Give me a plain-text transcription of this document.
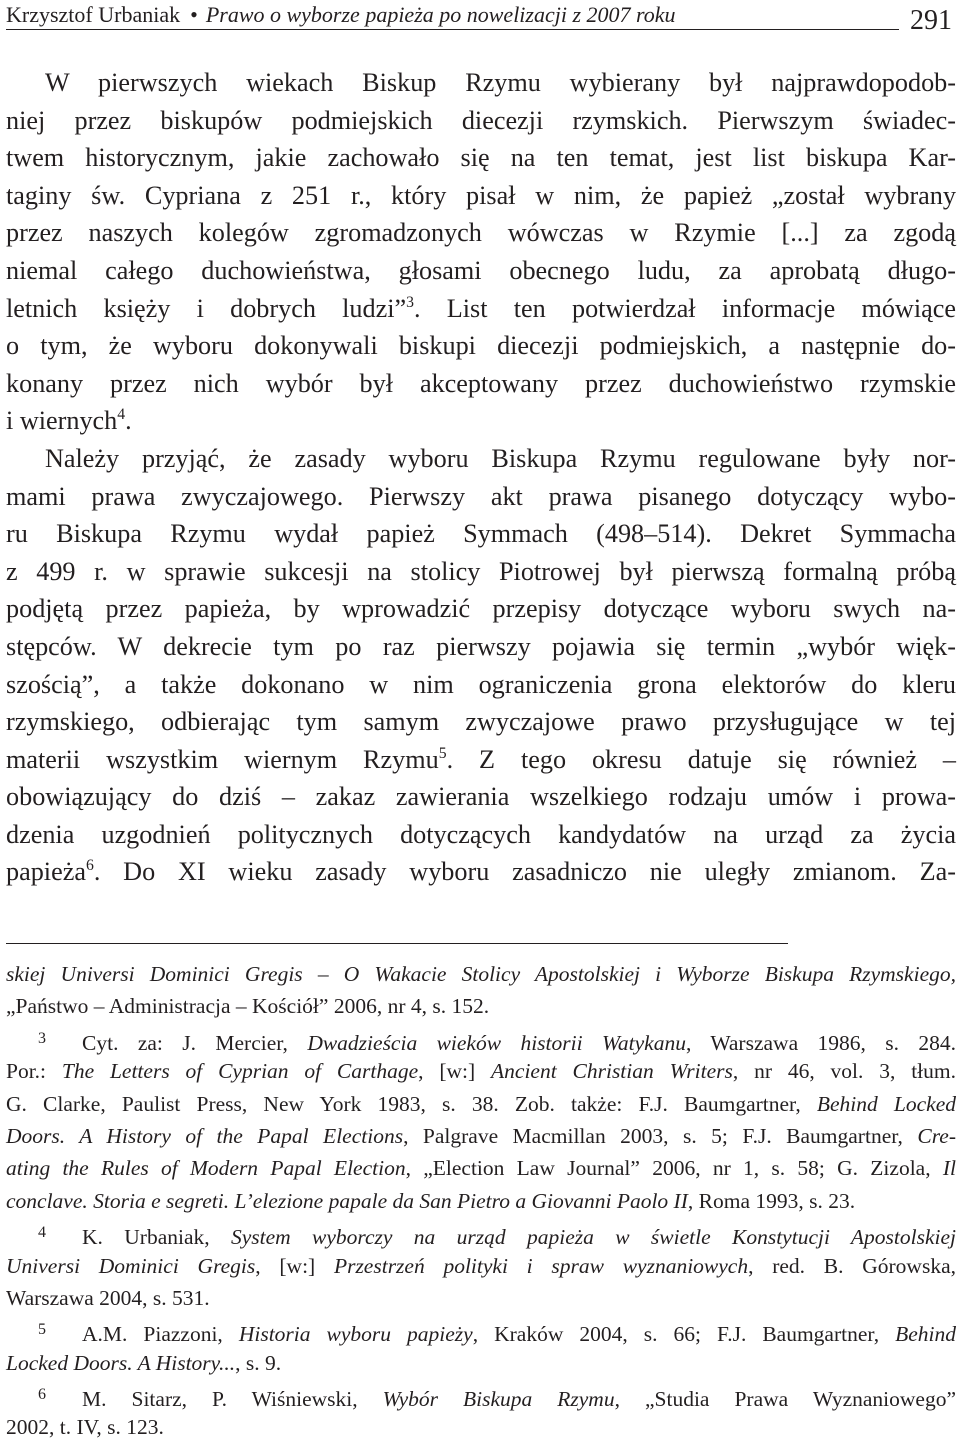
Krzysztof Urbaniak • Prawo o wyborze papieża po nowelizacji z 2007 roku	291
W pierwszych wiekach Biskup Rzymu wybierany był najprawdopodob-
niej przez biskupów podmiejskich diecezji rzymskich. Pierwszym świadec-
twem historycznym, jakie zachowało się na ten temat, jest list biskupa Kar-
taginy św. Cypriana z 251 r., który pisał w nim, że papież „został wybrany
przez naszych kolegów zgromadzonych wówczas w Rzymie [...] za zgodą
niemal całego duchowieństwa, głosami obecnego ludu, za aprobatą długo-
letnich księży i dobrych ludzi”$^3$. List ten potwierdzał informacje mówiące
o tym, że wyboru dokonywali biskupi diecezji podmiejskich, a następnie do-
konany przez nich wybór był akceptowany przez duchowieństwo rzymskie
i wiernych$^4$.
Należy przyjąć, że zasady wyboru Biskupa Rzymu regulowane były nor-
mami prawa zwyczajowego. Pierwszy akt prawa pisanego dotyczący wybo-
ru Biskupa Rzymu wydał papież Symmach (498–514). Dekret Symmacha
z 499 r. w sprawie sukcesji na stolicy Piotrowej był pierwszą formalną próbą
podjętą przez papieża, by wprowadzić przepisy dotyczące wyboru swych na-
stępców. W dekrecie tym po raz pierwszy pojawia się termin „wybór więk-
szością”, a także dokonano w nim ograniczenia grona elektorów do kleru
rzymskiego, odbierając tym samym zwyczajowe prawo przysługujące w tej
materii wszystkim wiernym Rzymu$^5$. Z tego okresu datuje się również –
obowiązujący do dziś – zakaz zawierania wszelkiego rodzaju umów i prowa-
dzenia uzgodnień politycznych dotyczących kandydatów na urząd za życia
papieża$^6$. Do XI wieku zasady wyboru zasadniczo nie uległy zmianom. Za-
skiej Universi Dominici Gregis – O Wakacie Stolicy Apostolskiej i Wyborze Biskupa Rzymskiego,
„Państwo – Administracja – Kościół” 2006, nr 4, s. 152.
3 Cyt. za: J. Mercier, Dwadzieścia wieków historii Watykanu, Warszawa 1986, s. 284.
Por.: The Letters of Cyprian of Carthage, [w:] Ancient Christian Writers, nr 46, vol. 3, tłum.
G. Clarke, Paulist Press, New York 1983, s. 38. Zob. także: F.J. Baumgartner, Behind Locked
Doors. A History of the Papal Elections, Palgrave Macmillan 2003, s. 5; F.J. Baumgartner, Cre-
ating the Rules of Modern Papal Election, „Election Law Journal” 2006, nr 1, s. 58; G. Zizola, Il
conclave. Storia e segreti. L’elezione papale da San Pietro a Giovanni Paolo II, Roma 1993, s. 23.
4 K. Urbaniak, System wyborczy na urząd papieża w świetle Konstytucji Apostolskiej
Universi Dominici Gregis, [w:] Przestrzeń polityki i spraw wyznaniowych, red. B. Górowska,
Warszawa 2004, s. 531.
5 A.M. Piazzoni, Historia wyboru papieży, Kraków 2004, s. 66; F.J. Baumgartner, Behind
Locked Doors. A History..., s. 9.
6 M. Sitarz, P. Wiśniewski, Wybór Biskupa Rzymu, „Studia Prawa Wyznaniowego”
2002, t. IV, s. 123.
